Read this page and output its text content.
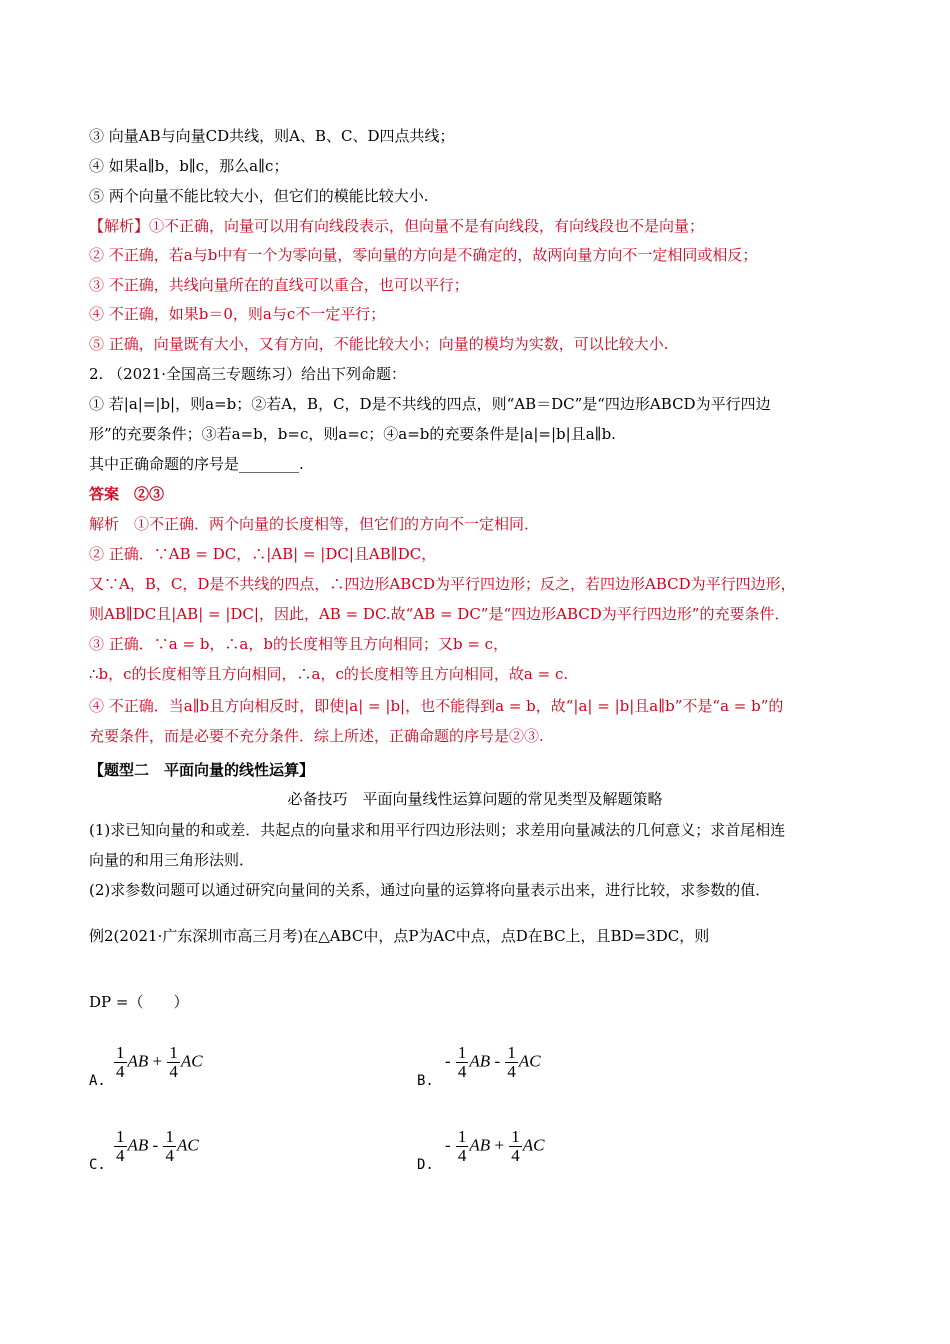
③ 向量AB与向量CD共线，则A、B、C、D四点共线；
④ 如果a∥b，b∥c，那么a∥c；
⑤ 两个向量不能比较大小，但它们的模能比较大小.
【解析】①不正确，向量可以用有向线段表示，但向量不是有向线段，有向线段也不是向量；
② 不正确，若a与b中有一个为零向量，零向量的方向是不确定的，故两向量方向不一定相同或相反；
③ 不正确，共线向量所在的直线可以重合，也可以平行；
④ 不正确，如果b＝0，则a与c不一定平行；
⑤ 正确，向量既有大小，又有方向，不能比较大小；向量的模均为实数，可以比较大小.
2. （2021·全国高三专题练习）给出下列命题：
① 若|a|=|b|，则a=b；②若A，B，C，D是不共线的四点，则“AB＝DC”是“四边形ABCD为平行四边
形”的充要条件；③若a=b，b=c，则a=c；④a=b的充要条件是|a|=|b|且a∥b.
其中正确命题的序号是________.
答案　②③
解析　①不正确．两个向量的长度相等，但它们的方向不一定相同．
② 正确．∵AB = DC，∴|AB| = |DC|且AB∥DC，
又∵A，B，C，D是不共线的四点，∴四边形ABCD为平行四边形；反之，若四边形ABCD为平行四边形，
则AB∥DC且|AB| = |DC|，因此，AB = DC.故“AB = DC”是“四边形ABCD为平行四边形”的充要条件．
③ 正确．∵a = b，∴a，b的长度相等且方向相同；又b = c，
∴b，c的长度相等且方向相同，∴a，c的长度相等且方向相同，故a = c.
④ 不正确．当a∥b且方向相反时，即使|a| = |b|，也不能得到a = b，故“|a| = |b|且a∥b”不是“a = b”的
充要条件，而是必要不充分条件．综上所述，正确命题的序号是②③.
【题型二　平面向量的线性运算】
必备技巧　平面向量线性运算问题的常见类型及解题策略
(1)求已知向量的和或差．共起点的向量求和用平行四边形法则；求差用向量减法的几何意义；求首尾相连
向量的和用三角形法则．
(2)求参数问题可以通过研究向量间的关系，通过向量的运算将向量表示出来，进行比较，求参数的值．
例2(2021·广东深圳市高三月考)在△ABC中，点P为AC中点，点D在BC上，且BD=3DC，则
DP =（　　）
A. $\frac{1}{4}$ AB + $\frac{1}{4}$ AC
B.
- $\frac{1}{4}$ AB - $\frac{1}{4}$ AC
C. $\frac{1}{4}$ AB - $\frac{1}{4}$ AC
D.
- $\frac{1}{4}$ AB + $\frac{1}{4}$ AC
